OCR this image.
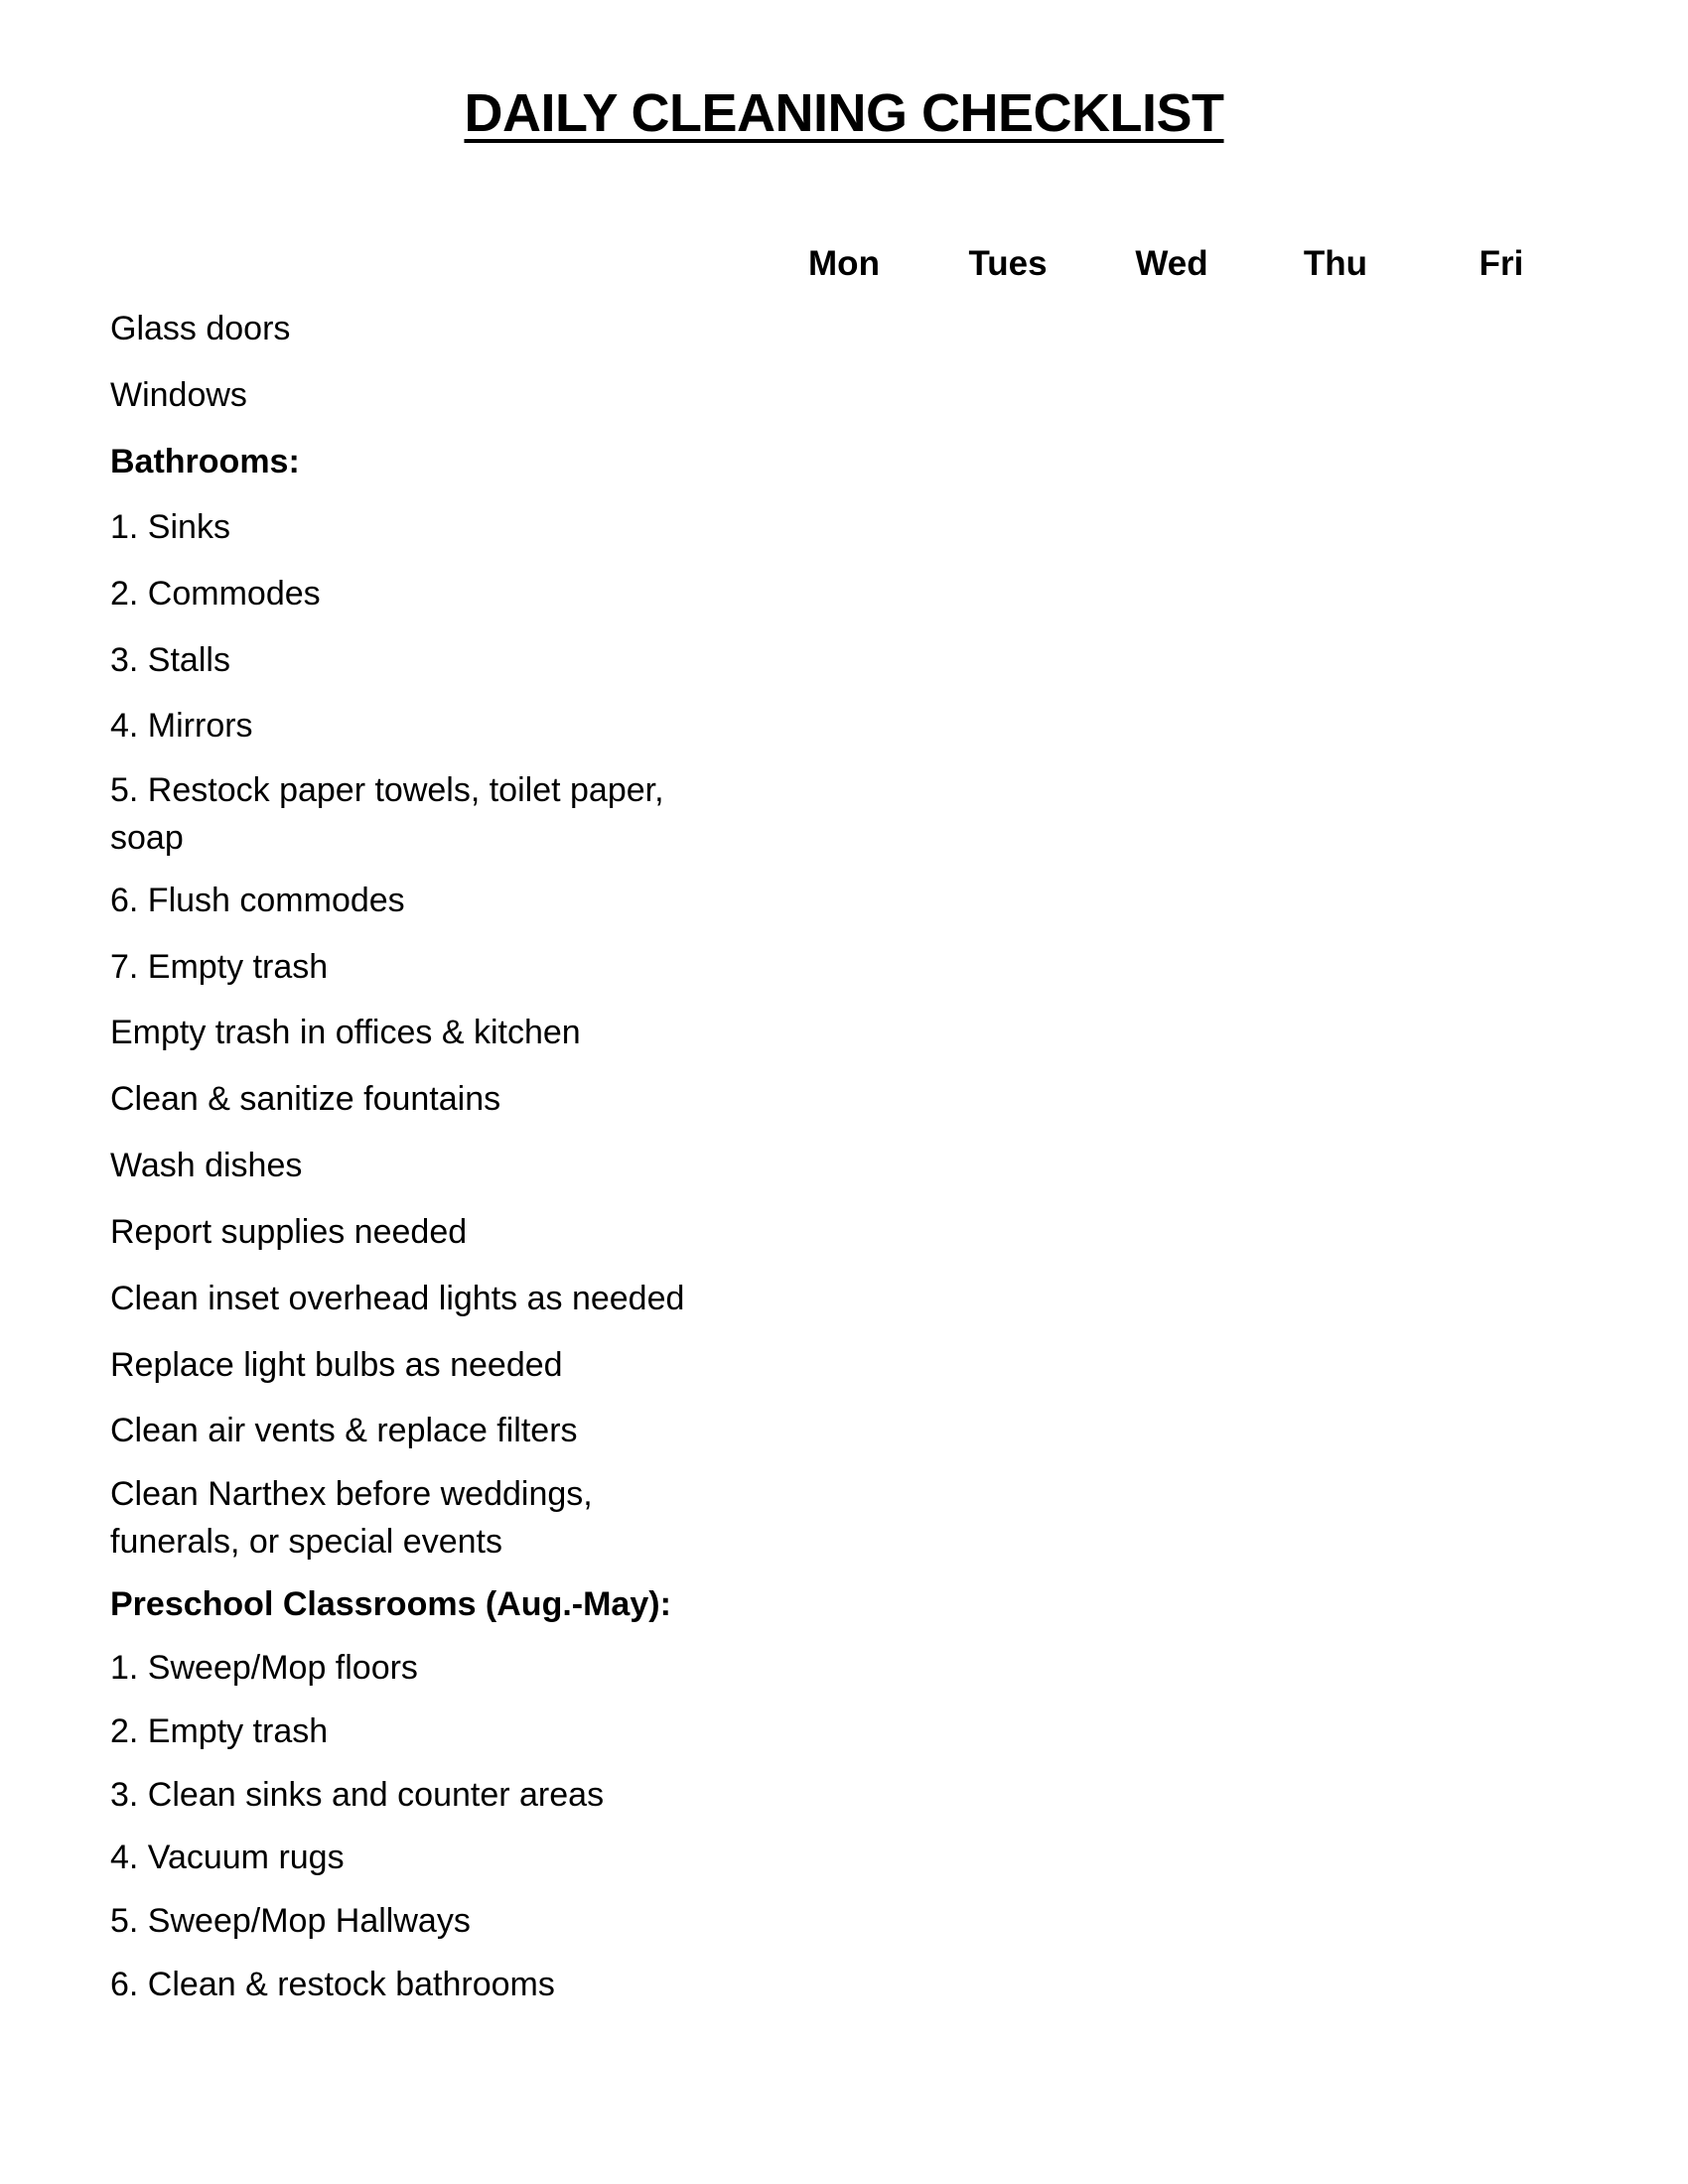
DAILY CLEANING CHECKLIST
Mon	Tues	Wed	Thu	Fri
Glass doors
Windows
Bathrooms:
1. Sinks
2. Commodes
3. Stalls
4. Mirrors
5. Restock paper towels, toilet paper,
soap
6. Flush commodes
7. Empty trash
Empty trash in offices & kitchen
Clean & sanitize fountains
Wash dishes
Report supplies needed
Clean inset overhead lights as needed
Replace light bulbs as needed
Clean air vents & replace filters
Clean Narthex before weddings,
funerals, or special events
Preschool Classrooms (Aug.-May):
1. Sweep/Mop floors
2. Empty trash
3. Clean sinks and counter areas
4. Vacuum rugs
5. Sweep/Mop Hallways
6. Clean & restock bathrooms
